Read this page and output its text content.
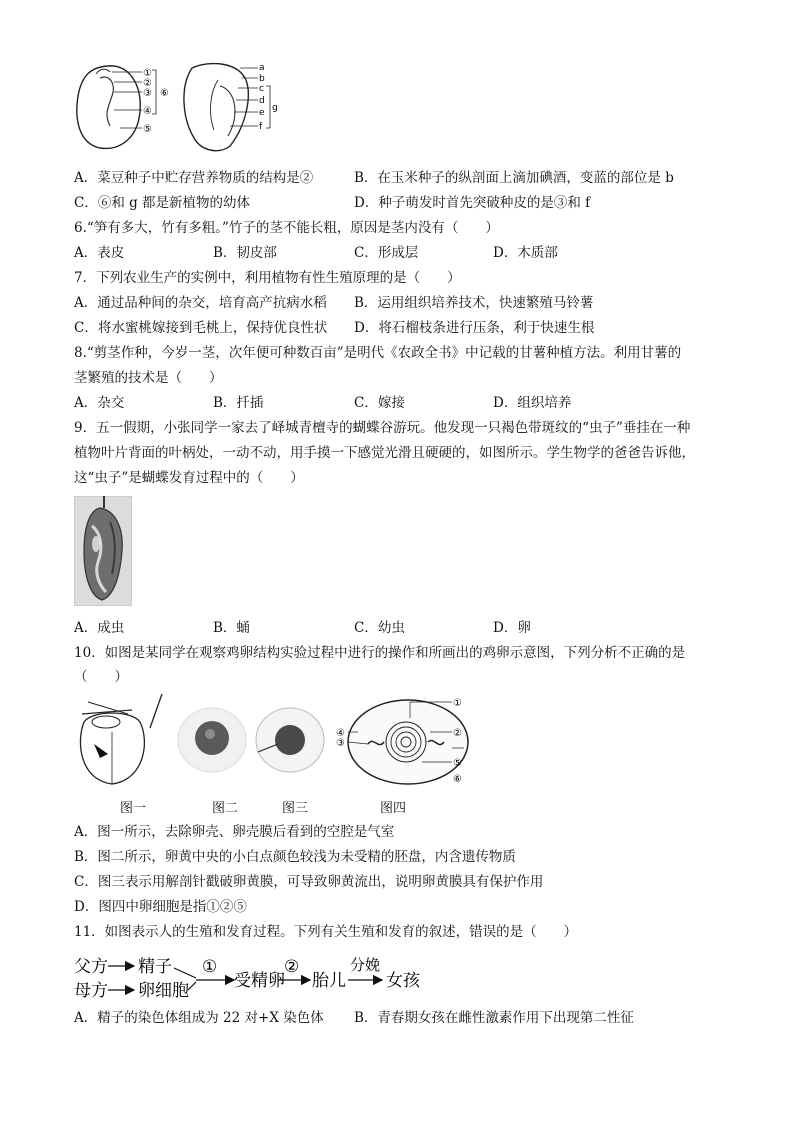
①
②
③
④
⑤
⑥
a
b
c
d
e
f
g
A．菜豆种子中贮存营养物质的结构是②	B．在玉米种子的纵剖面上滴加碘酒，变蓝的部位是 b
C．⑥和 g 都是新植物的幼体	D．种子萌发时首先突破种皮的是③和 f
6.“笋有多大，竹有多粗。”竹子的茎不能长粗，原因是茎内没有（　　）
A．表皮	B．韧皮部	C．形成层	D．木质部
7．下列农业生产的实例中，利用植物有性生殖原理的是（　　）
A．通过品种间的杂交，培育高产抗病水稻 B．运用组织培养技术，快速繁殖马铃薯
C．将水蜜桃嫁接到毛桃上，保持优良性状 D．将石榴枝条进行压条，利于快速生根
8.“剪茎作种，今岁一茎，次年便可种数百亩”是明代《农政全书》中记载的甘薯种植方法。利用甘薯的
茎繁殖的技术是（　　）
A．杂交	B．扦插	C．嫁接	D．组织培养
9．五一假期，小张同学一家去了峄城青檀寺的蝴蝶谷游玩。他发现一只褐色带斑纹的“虫子”垂挂在一种
植物叶片背面的叶柄处，一动不动，用手摸一下感觉光滑且硬硬的，如图所示。学生物学的爸爸告诉他，
这“虫子”是蝴蝶发育过程中的（　　）
A．成虫	B．蛹	C．幼虫	D．卵
10．如图是某同学在观察鸡卵结构实验过程中进行的操作和所画出的鸡卵示意图，下列分析不正确的是
（　　）
①
②
③
④
⑤
⑥
图一	图二	图三	图四
A．图一所示，去除卵壳、卵壳膜后看到的空腔是气室
B．图二所示，卵黄中央的小白点颜色较浅为未受精的胚盘，内含遗传物质
C．图三表示用解剖针戳破卵黄膜，可导致卵黄流出，说明卵黄膜具有保护作用
D．图四中卵细胞是指①②⑤
11．如图表示人的生殖和发育过程。下列有关生殖和发育的叙述，错误的是（　　）
父方
母方
精子
卵细胞
①
受精卵
②
胎儿
分娩
女孩
A．精子的染色体组成为 22 对+X 染色体 B．青春期女孩在雌性激素作用下出现第二性征
